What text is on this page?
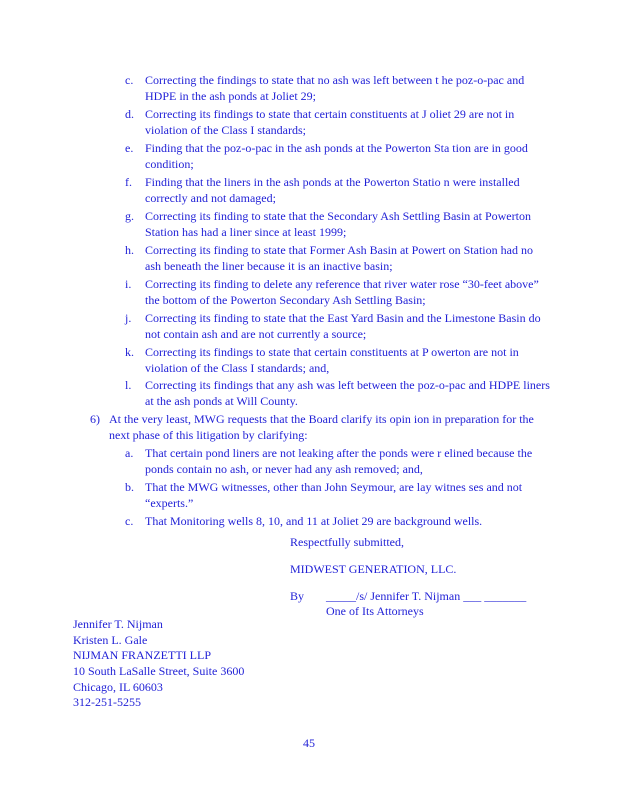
c. Correcting the findings to state that no ash was left between t he poz-o-pac and
HDPE in the ash ponds at Joliet 29;
d. Correcting its findings to state that certain constituents at J oliet 29 are not in
violation of the Class I standards;
e. Finding that the poz-o-pac in the ash ponds at the Powerton Sta tion are in good
condition;
f.	Finding that the liners in the ash ponds at the Powerton Statio n were installed
correctly and not damaged;
g. Correcting its finding to state that the Secondary Ash Settling Basin at Powerton
Station has had a liner since at least 1999;
h. Correcting its finding to state that Former Ash Basin at Powert on Station had no
ash beneath the liner because it is an inactive basin;
i.	Correcting its finding to delete any reference that river water rose “30-feet above”
the bottom of the Powerton Secondary Ash Settling Basin;
j.	Correcting its finding to state that the East Yard Basin and the Limestone Basin do
not contain ash and are not currently a source;
k. Correcting its findings to state that certain constituents at P owerton are not in
violation of the Class I standards; and,
l.	Correcting its findings that any ash was left between the poz-o-pac and HDPE liners
at the ash ponds at Will County.
6) At the very least, MWG requests that the Board clarify its opin ion in preparation for the
next phase of this litigation by clarifying:
a. That certain pond liners are not leaking after the ponds were r elined because the
ponds contain no ash, or never had any ash removed; and,
b. That the MWG witnesses, other than John Seymour, are lay witnes ses and not
“experts.”
c. That Monitoring wells 8, 10, and 11 at Joliet 29 are background wells.
Respectfully submitted,
MIDWEST GENERATION, LLC.
By _____/s/ Jennifer T. Nijman ___ _______
One of Its Attorneys
Jennifer T. Nijman
Kristen L. Gale
NIJMAN FRANZETTI LLP
10 South LaSalle Street, Suite 3600
Chicago, IL 60603
312-251-5255
45
